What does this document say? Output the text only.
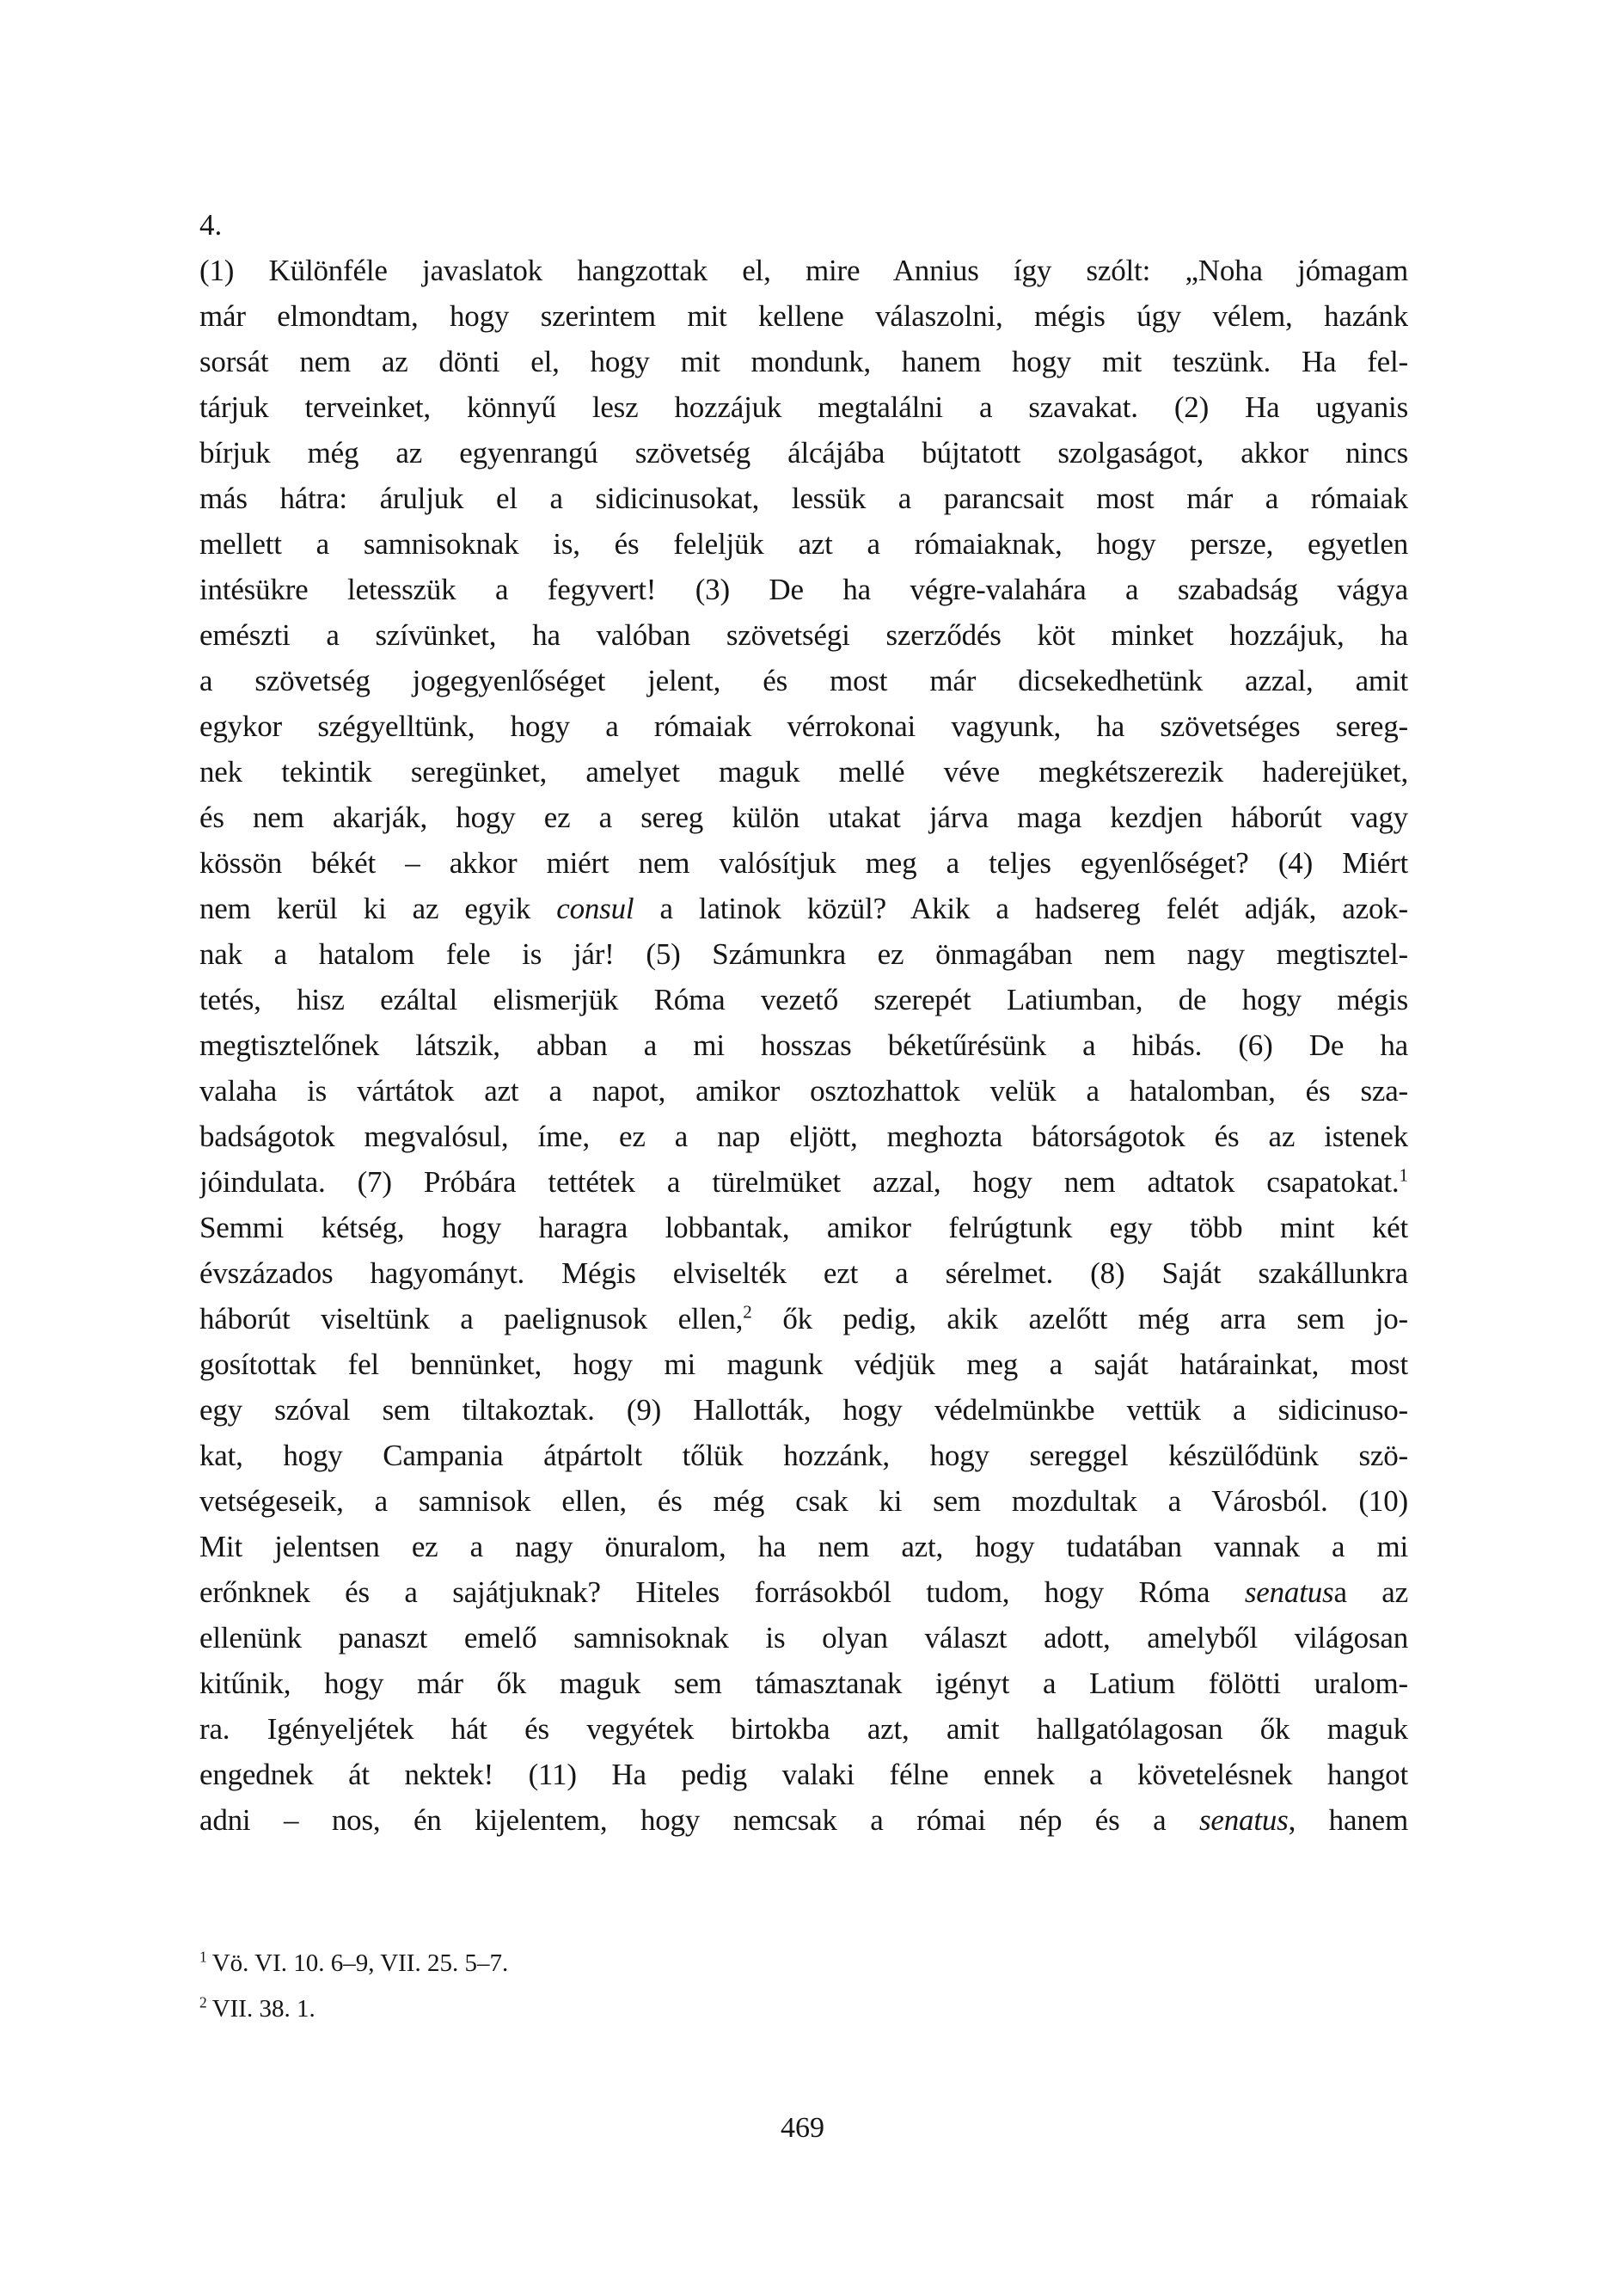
4.
(1) Különféle javaslatok hangzottak el, mire Annius így szólt: „Noha jómagam
már elmondtam, hogy szerintem mit kellene válaszolni, mégis úgy vélem, hazánk
sorsát nem az dönti el, hogy mit mondunk, hanem hogy mit teszünk. Ha fel-
tárjuk terveinket, könnyű lesz hozzájuk megtalálni a szavakat. (2) Ha ugyanis
bírjuk még az egyenrangú szövetség álcájába bújtatott szolgaságot, akkor nincs
más hátra: áruljuk el a sidicinusokat, lessük a parancsait most már a rómaiak
mellett a samnisoknak is, és feleljük azt a rómaiaknak, hogy persze, egyetlen
intésükre letesszük a fegyvert! (3) De ha végre-valahára a szabadság vágya
emészti a szívünket, ha valóban szövetségi szerződés köt minket hozzájuk, ha
a szövetség jogegyenlőséget jelent, és most már dicsekedhetünk azzal, amit
egykor szégyelltünk, hogy a rómaiak vérrokonai vagyunk, ha szövetséges sereg-
nek tekintik seregünket, amelyet maguk mellé véve megkétszerezik haderejüket,
és nem akarják, hogy ez a sereg külön utakat járva maga kezdjen háborút vagy
kössön békét – akkor miért nem valósítjuk meg a teljes egyenlőséget? (4) Miért
nem kerül ki az egyik consul a latinok közül? Akik a hadsereg felét adják, azok-
nak a hatalom fele is jár! (5) Számunkra ez önmagában nem nagy megtisztel-
tetés, hisz ezáltal elismerjük Róma vezető szerepét Latiumban, de hogy mégis
megtisztelőnek látszik, abban a mi hosszas béketűrésünk a hibás. (6) De ha
valaha is vártátok azt a napot, amikor osztozhattok velük a hatalomban, és sza-
badságotok megvalósul, íme, ez a nap eljött, meghozta bátorságotok és az istenek
jóindulata. (7) Próbára tettétek a türelmüket azzal, hogy nem adtatok csapatokat.$^1$
Semmi kétség, hogy haragra lobbantak, amikor felrúgtunk egy több mint két
évszázados hagyományt. Mégis elviselték ezt a sérelmet. (8) Saját szakállunkra
háborút viseltünk a paelignusok ellen,$^2$ ők pedig, akik azelőtt még arra sem jo-
gosítottak fel bennünket, hogy mi magunk védjük meg a saját határainkat, most
egy szóval sem tiltakoztak. (9) Hallották, hogy védelmünkbe vettük a sidicinuso-
kat, hogy Campania átpártolt tőlük hozzánk, hogy sereggel készülődünk szö-
vetségeseik, a samnisok ellen, és még csak ki sem mozdultak a Városból. (10)
Mit jelentsen ez a nagy önuralom, ha nem azt, hogy tudatában vannak a mi
erőnknek és a sajátjuknak? Hiteles forrásokból tudom, hogy Róma senatusa az
ellenünk panaszt emelő samnisoknak is olyan választ adott, amelyből világosan
kitűnik, hogy már ők maguk sem támasztanak igényt a Latium fölötti uralom-
ra. Igényeljétek hát és vegyétek birtokba azt, amit hallgatólagosan ők maguk
engednek át nektek! (11) Ha pedig valaki félne ennek a követelésnek hangot
adni – nos, én kijelentem, hogy nemcsak a római nép és a senatus, hanem
$^1$ Vö. VI. 10. 6–9, VII. 25. 5–7.
$^2$ VII. 38. 1.
469
